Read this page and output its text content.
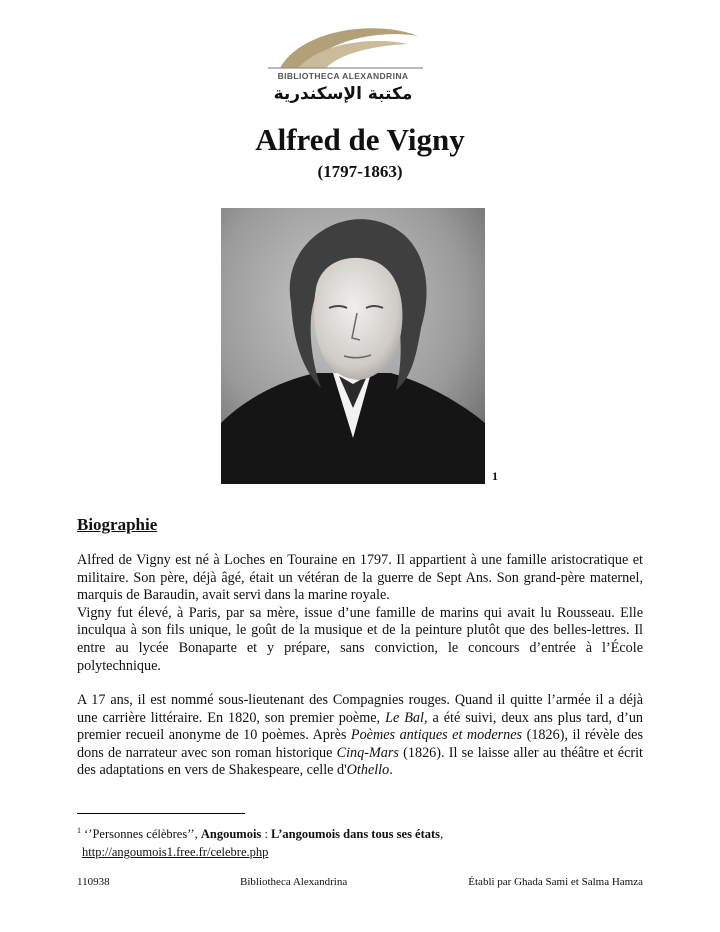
BIBLIOTHECA ALEXANDRINA
مكتبة الإسكندرية
Alfred de Vigny
(1797-1863)
1
Biographie
Alfred de Vigny est né à Loches en Touraine en 1797. Il appartient à une famille aristocratique et militaire. Son père, déjà âgé, était un vétéran de la guerre de Sept Ans. Son grand-père maternel, marquis de Baraudin, avait servi dans la marine royale.
Vigny fut élevé, à Paris, par sa mère, issue d’une famille de marins qui avait lu Rousseau. Elle inculqua à son fils unique, le goût de la musique et de la peinture plutôt que des belles-lettres. Il entre au lycée Bonaparte et y prépare, sans conviction, le concours d’entrée à l’École polytechnique.
A 17 ans, il est nommé sous-lieutenant des Compagnies rouges. Quand il quitte l’armée il a déjà une carrière littéraire. En 1820, son premier poème, Le Bal, a été suivi, deux ans plus tard, d’un premier recueil anonyme de 10 poèmes. Après Poèmes antiques et modernes (1826), il révèle des dons de narrateur avec son roman historique Cinq-Mars (1826). Il se laisse aller au théâtre et écrit des adaptations en vers de Shakespeare, celle d'Othello.
$^1$ ‘’Personnes célèbres’’, Angoumois : L’angoumois dans tous ses états,
http://angoumois1.free.fr/celebre.php
110938	Bibliotheca Alexandrina	Établi par Ghada Sami et Salma Hamza
